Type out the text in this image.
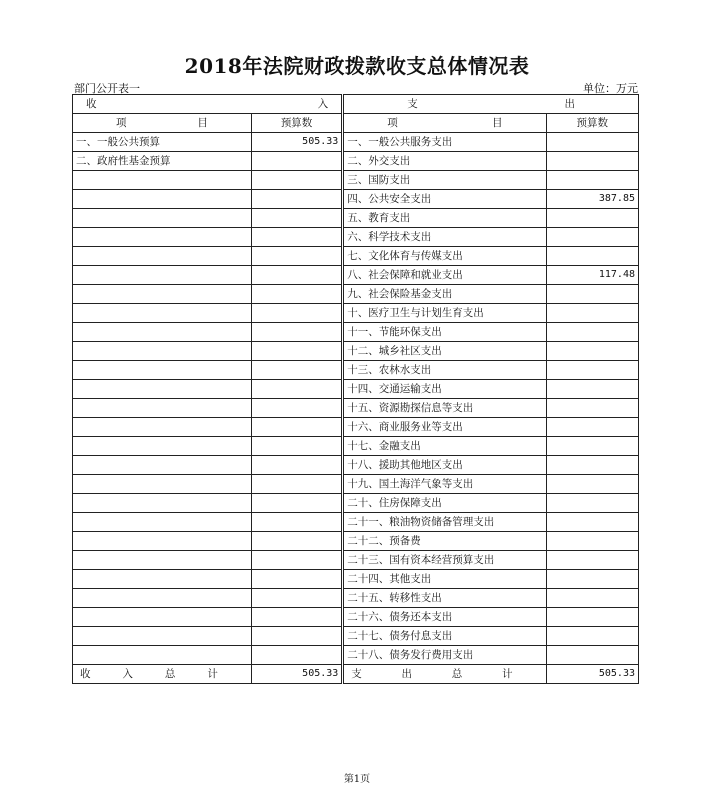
2018年法院财政拨款收支总体情况表
部门公开表一	单位：万元
收 入		支 出	

项 目	预算数	项 目	预算数
一、一般公共预算	505.33	一、一般公共服务支出	
二、政府性基金预算		二、外交支出	
		三、国防支出	
		四、公共安全支出	387.85
		五、教育支出	
		六、科学技术支出	
		七、文化体育与传媒支出	
		八、社会保障和就业支出	117.48
		九、社会保险基金支出	
		十、医疗卫生与计划生育支出	
		十一、节能环保支出	
		十二、城乡社区支出	
		十三、农林水支出	
		十四、交通运输支出	
		十五、资源勘探信息等支出	
		十六、商业服务业等支出	
		十七、金融支出	
		十八、援助其他地区支出	
		十九、国土海洋气象等支出	
		二十、住房保障支出	
		二十一、粮油物资储备管理支出	
		二十二、预备费	
		二十三、国有资本经营预算支出	
		二十四、其他支出	
		二十五、转移性支出	
		二十六、债务还本支出	
		二十七、债务付息支出	
		二十八、债务发行费用支出	

收 入 总 计	505.33	支 出 总 计	505.33
第1页
